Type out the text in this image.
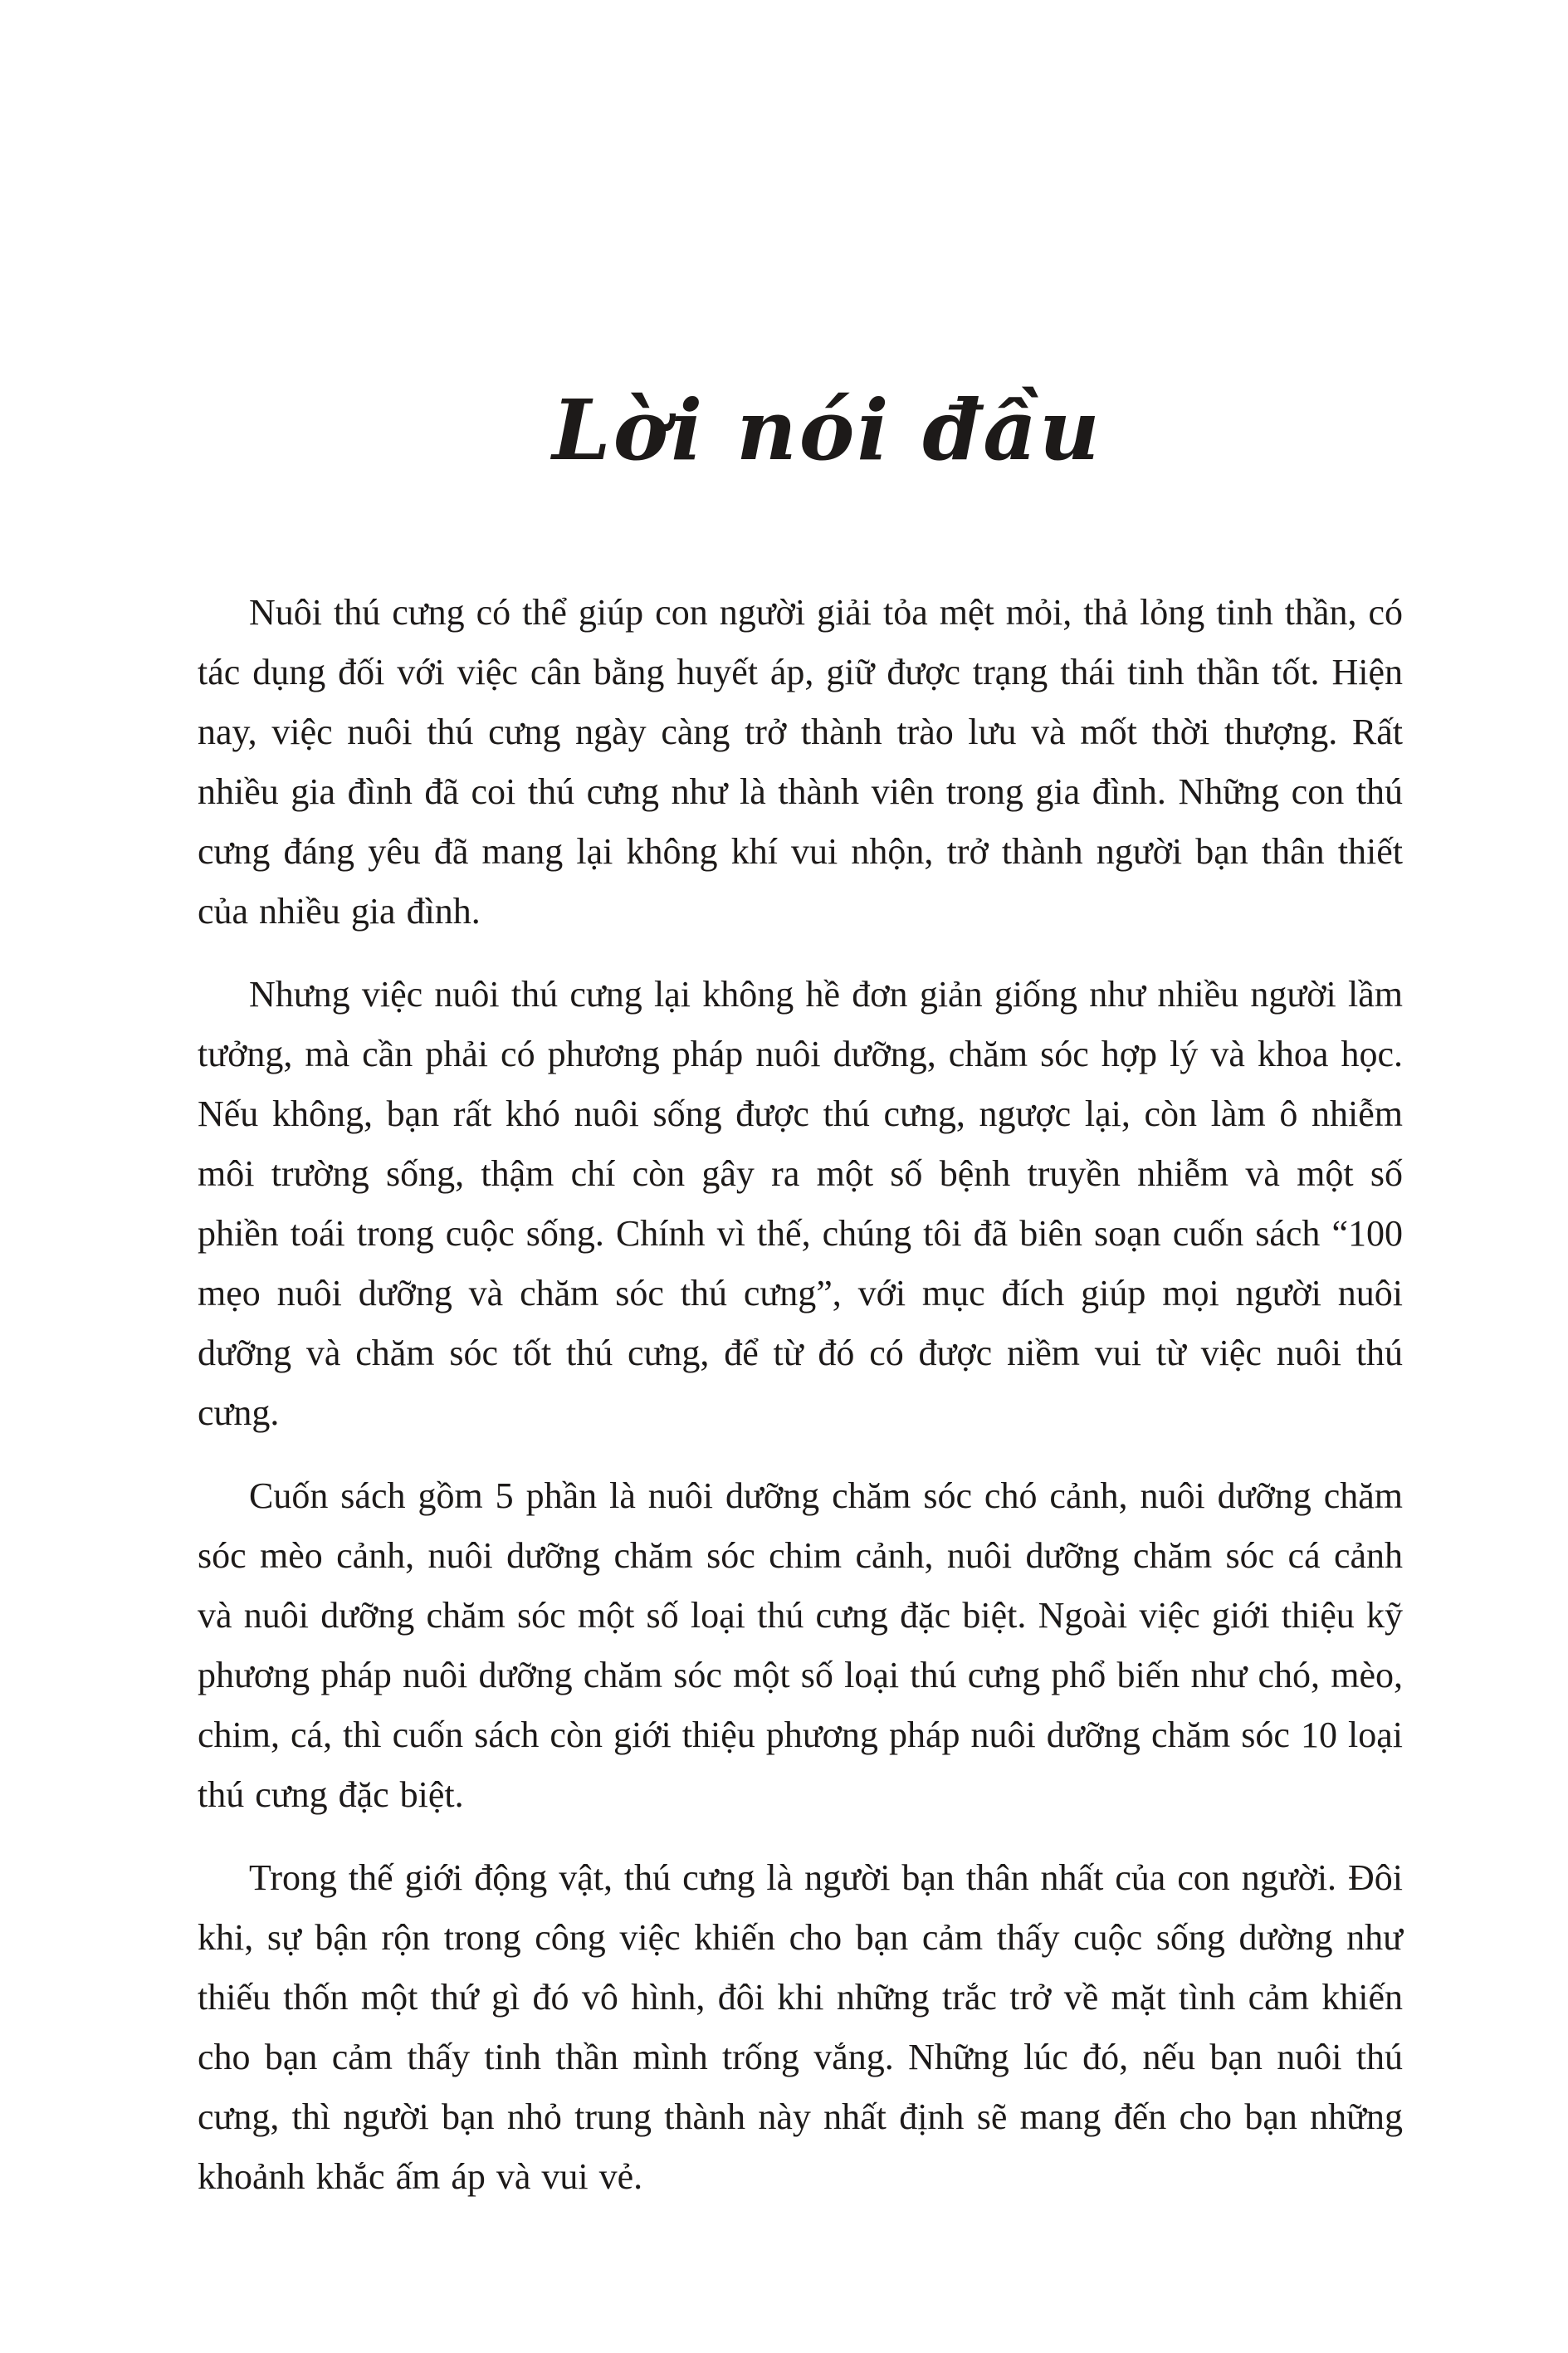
Lời nói đầu

Nuôi thú cưng có thể giúp con người giải tỏa mệt mỏi, thả lỏng tinh thần, có tác dụng đối với việc cân bằng huyết áp, giữ được trạng thái tinh thần tốt. Hiện nay, việc nuôi thú cưng ngày càng trở thành trào lưu và mốt thời thượng. Rất nhiều gia đình đã coi thú cưng như là thành viên trong gia đình. Những con thú cưng đáng yêu đã mang lại không khí vui nhộn, trở thành người bạn thân thiết của nhiều gia đình.

Nhưng việc nuôi thú cưng lại không hề đơn giản giống như nhiều người lầm tưởng, mà cần phải có phương pháp nuôi dưỡng, chăm sóc hợp lý và khoa học. Nếu không, bạn rất khó nuôi sống được thú cưng, ngược lại, còn làm ô nhiễm môi trường sống, thậm chí còn gây ra một số bệnh truyền nhiễm và một số phiền toái trong cuộc sống. Chính vì thế, chúng tôi đã biên soạn cuốn sách “100 mẹo nuôi dưỡng và chăm sóc thú cưng”, với mục đích giúp mọi người nuôi dưỡng và chăm sóc tốt thú cưng, để từ đó có được niềm vui từ việc nuôi thú cưng.

Cuốn sách gồm 5 phần là nuôi dưỡng chăm sóc chó cảnh, nuôi dưỡng chăm sóc mèo cảnh, nuôi dưỡng chăm sóc chim cảnh, nuôi dưỡng chăm sóc cá cảnh và nuôi dưỡng chăm sóc một số loại thú cưng đặc biệt. Ngoài việc giới thiệu kỹ phương pháp nuôi dưỡng chăm sóc một số loại thú cưng phổ biến như chó, mèo, chim, cá, thì cuốn sách còn giới thiệu phương pháp nuôi dưỡng chăm sóc 10 loại thú cưng đặc biệt.

Trong thế giới động vật, thú cưng là người bạn thân nhất của con người. Đôi khi, sự bận rộn trong công việc khiến cho bạn cảm thấy cuộc sống dường như thiếu thốn một thứ gì đó vô hình, đôi khi những trắc trở về mặt tình cảm khiến cho bạn cảm thấy tinh thần mình trống vắng. Những lúc đó, nếu bạn nuôi thú cưng, thì người bạn nhỏ trung thành này nhất định sẽ mang đến cho bạn những khoảnh khắc ấm áp và vui vẻ.
